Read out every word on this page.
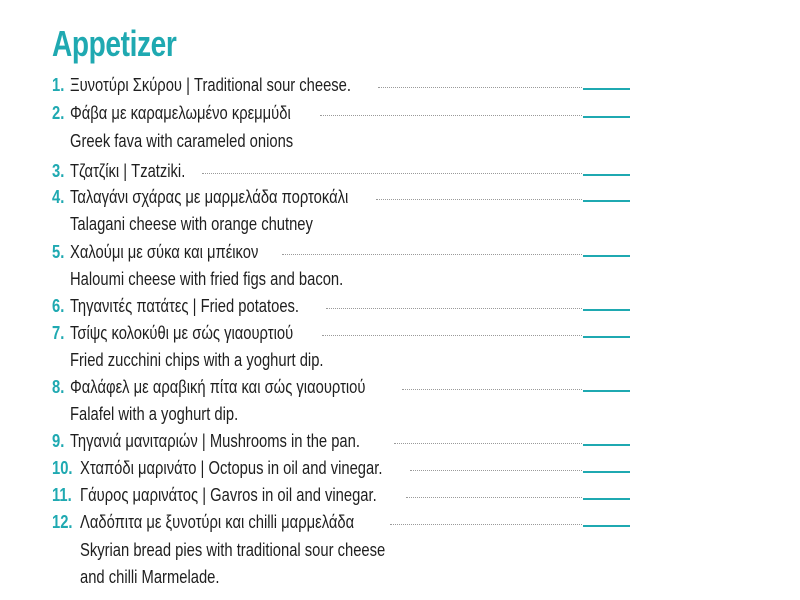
Appetizer
1. Ξυνοτύρι Σκύρου | Traditional sour cheese.
2. Φάβα με καραμελωμένο κρεμμύδι
Greek fava with carameled onions
3. Τζατζίκι | Tzatziki.
4. Ταλαγάνι σχάρας με μαρμελάδα πορτοκάλι
Talagani cheese with orange chutney
5. Χαλούμι με σύκα και μπέικον
Haloumi cheese with fried figs and bacon.
6. Τηγανιτές πατάτες | Fried potatoes.
7. Τσίψς κολοκύθι με σώς γιαουρτιού
Fried zucchini chips with a yoghurt dip.
8. Φαλάφελ με αραβική πίτα και σώς γιαουρτιού
Falafel with a yoghurt dip.
9. Τηγανιά μανιταριών | Mushrooms in the pan.
10. Χταπόδι μαρινάτο | Octopus in oil and vinegar.
11. Γάυρος μαρινάτος | Gavros in oil and vinegar.
12. Λαδόπιτα με ξυνοτύρι και chilli μαρμελάδα
Skyrian bread pies with traditional sour cheese
and chilli Marmelade.
